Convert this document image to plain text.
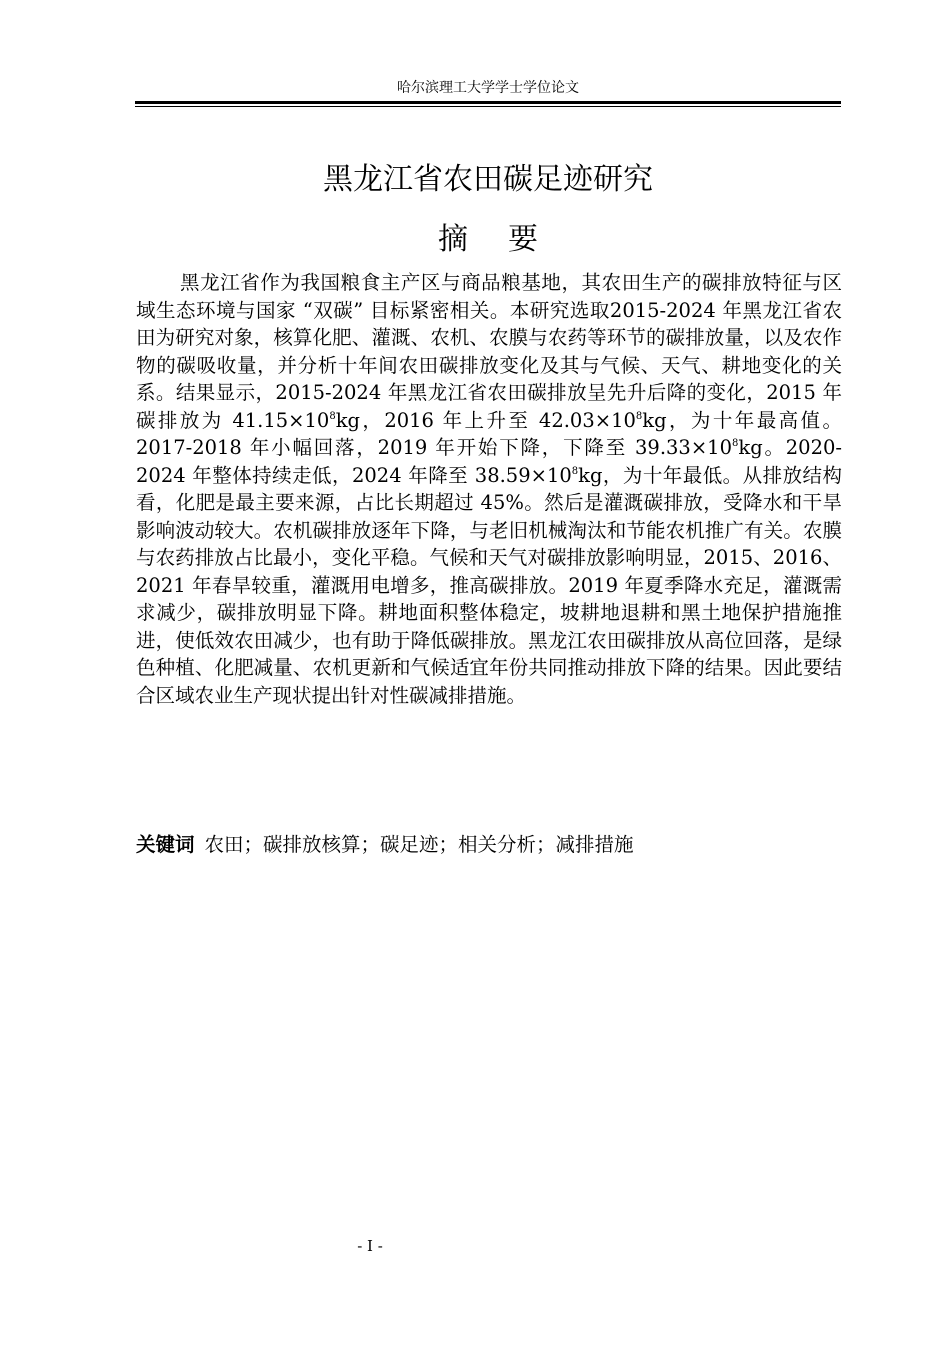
哈尔滨理工大学学士学位论文
黑龙江省农田碳足迹研究
摘要

黑龙江省作为我国粮食主产区与商品粮基地，其农田生产的碳排放特征与区域生态环境与国家 “双碳” 目标紧密相关。本研究选取2015-2024 年黑龙江省农田为研究对象，核算化肥、灌溉、农机、农膜与农药等环节的碳排放量，以及农作物的碳吸收量，并分析十年间农田碳排放变化及其与气候、天气、耕地变化的关系。结果显示，2015-2024 年黑龙江省农田碳排放呈先升后降的变化，2015 年碳排放为 $41.15\times 10^8kg$，2016 年上升至 $42.03\times 10^8kg$，为十年最高值。2017-2018 年小幅回落，2019 年开始下降，下降至 $39.33\times 10^8kg$。2020-2024 年整体持续走低，2024 年降至 $38.59\times 10^8kg$，为十年最低。从排放结构看，化肥是最主要来源，占比长期超过 45%。然后是灌溉碳排放，受降水和干旱影响波动较大。农机碳排放逐年下降，与老旧机械淘汰和节能农机推广有关。农膜与农药排放占比最小，变化平稳。气候和天气对碳排放影响明显，2015、2016、2021 年春旱较重，灌溉用电增多，推高碳排放。2019 年夏季降水充足，灌溉需求减少，碳排放明显下降。耕地面积整体稳定，坡耕地退耕和黑土地保护措施推进，使低效农田减少，也有助于降低碳排放。黑龙江农田碳排放从高位回落，是绿色种植、化肥减量、农机更新和气候适宜年份共同推动排放下降的结果。因此要结合区域农业生产现状提出针对性碳减排措施。

关键词 农田；碳排放核算；碳足迹；相关分析；减排措施

- I -
